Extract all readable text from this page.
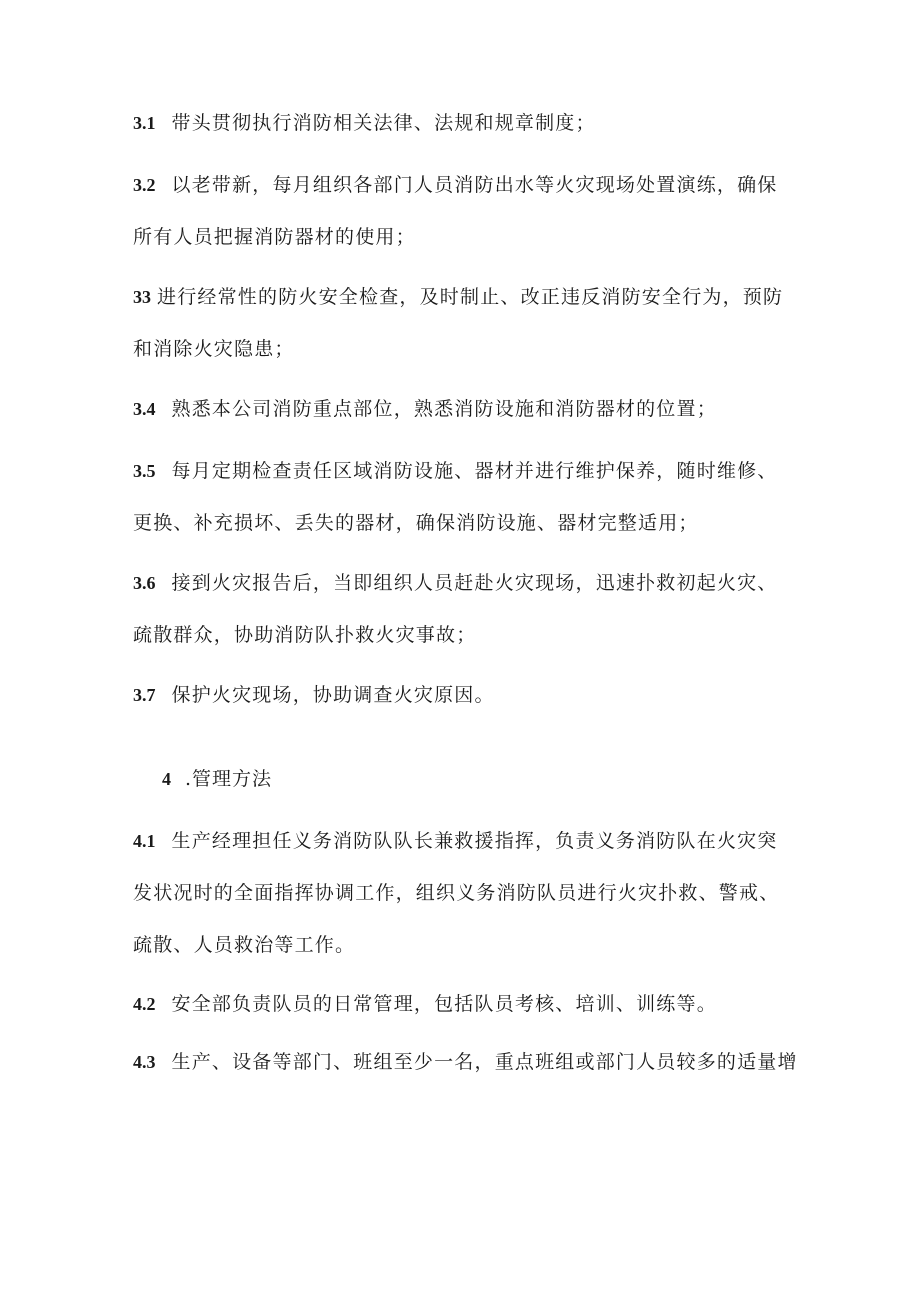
3.1 带头贯彻执行消防相关法律、法规和规章制度；
3.2 以老带新，每月组织各部门人员消防出水等火灾现场处置演练，确保
所有人员把握消防器材的使用；
33 进行经常性的防火安全检查，及时制止、改正违反消防安全行为，预防
和消除火灾隐患；
3.4 熟悉本公司消防重点部位，熟悉消防设施和消防器材的位置；
3.5 每月定期检查责任区域消防设施、器材并进行维护保养，随时维修、
更换、补充损坏、丢失的器材，确保消防设施、器材完整适用；
3.6 接到火灾报告后，当即组织人员赶赴火灾现场，迅速扑救初起火灾、
疏散群众，协助消防队扑救火灾事故；
3.7 保护火灾现场，协助调查火灾原因。
4 .管理方法
4.1 生产经理担任义务消防队队长兼救援指挥，负责义务消防队在火灾突
发状况时的全面指挥协调工作，组织义务消防队员进行火灾扑救、警戒、
疏散、人员救治等工作。
4.2 安全部负责队员的日常管理，包括队员考核、培训、训练等。
4.3 生产、设备等部门、班组至少一名，重点班组或部门人员较多的适量增
